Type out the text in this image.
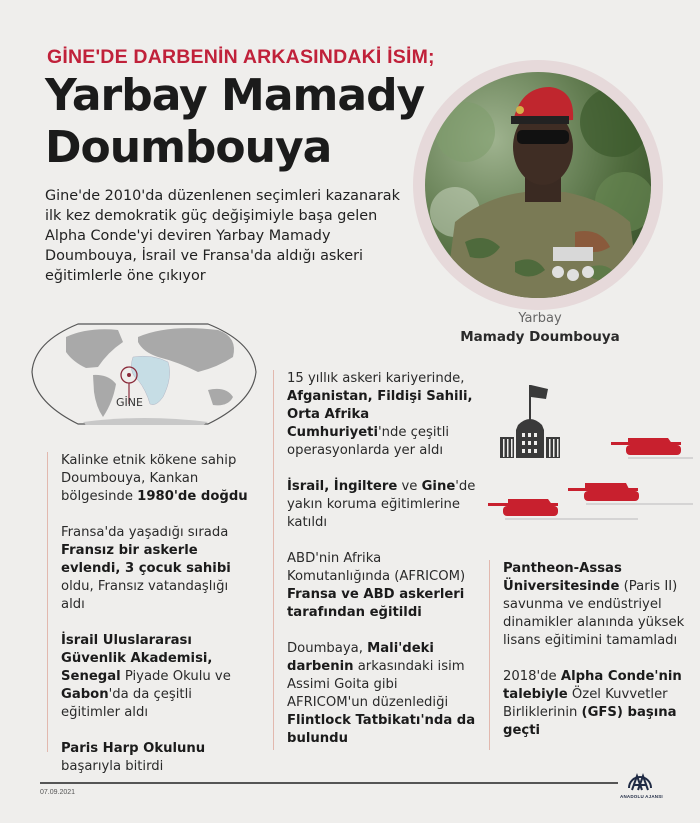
GİNE'DE DARBENİN ARKASINDAKİ İSİM;
Yarbay Mamady
Doumbouya
Gine'de 2010'da düzenlenen seçimleri kazanarak ilk kez demokratik güç değişimiyle başa gelen Alpha Conde'yi deviren Yarbay Mamady Doumbouya, İsrail ve Fransa'da aldığı askeri eğitimlerle öne çıkıyor
Yarbay
Mamady Doumbouya
GİNE

Kalinke etnik kökene sahip Doumbouya, Kankan bölgesinde 1980'de doğdu

Fransa'da yaşadığı sırada Fransız bir askerle evlendi, 3 çocuk sahibi oldu, Fransız vatandaşlığı aldı

İsrail Uluslararası Güvenlik Akademisi, Senegal Piyade Okulu ve Gabon'da da çeşitli eğitimler aldı

Paris Harp Okulunu başarıyla bitirdi

15 yıllık askeri kariyerinde, Afganistan, Fildişi Sahili, Orta Afrika Cumhuriyeti'nde çeşitli operasyonlarda yer aldı

İsrail, İngiltere ve Gine'de yakın koruma eğitimlerine katıldı

ABD'nin Afrika Komutanlığında (AFRICOM) Fransa ve ABD askerleri tarafından eğitildi

Doumbaya, Mali'deki darbenin arkasındaki isim Assimi Goita gibi AFRICOM'un düzenlediği Flintlock Tatbikatı'nda da bulundu

Pantheon-Assas Üniversitesinde (Paris II) savunma ve endüstriyel dinamikler alanında yüksek lisans eğitimini tamamladı

2018'de Alpha Conde'nin talebiyle Özel Kuvvetler Birliklerinin (GFS) başına geçti

07.09.2021
ANADOLU AJANSI
